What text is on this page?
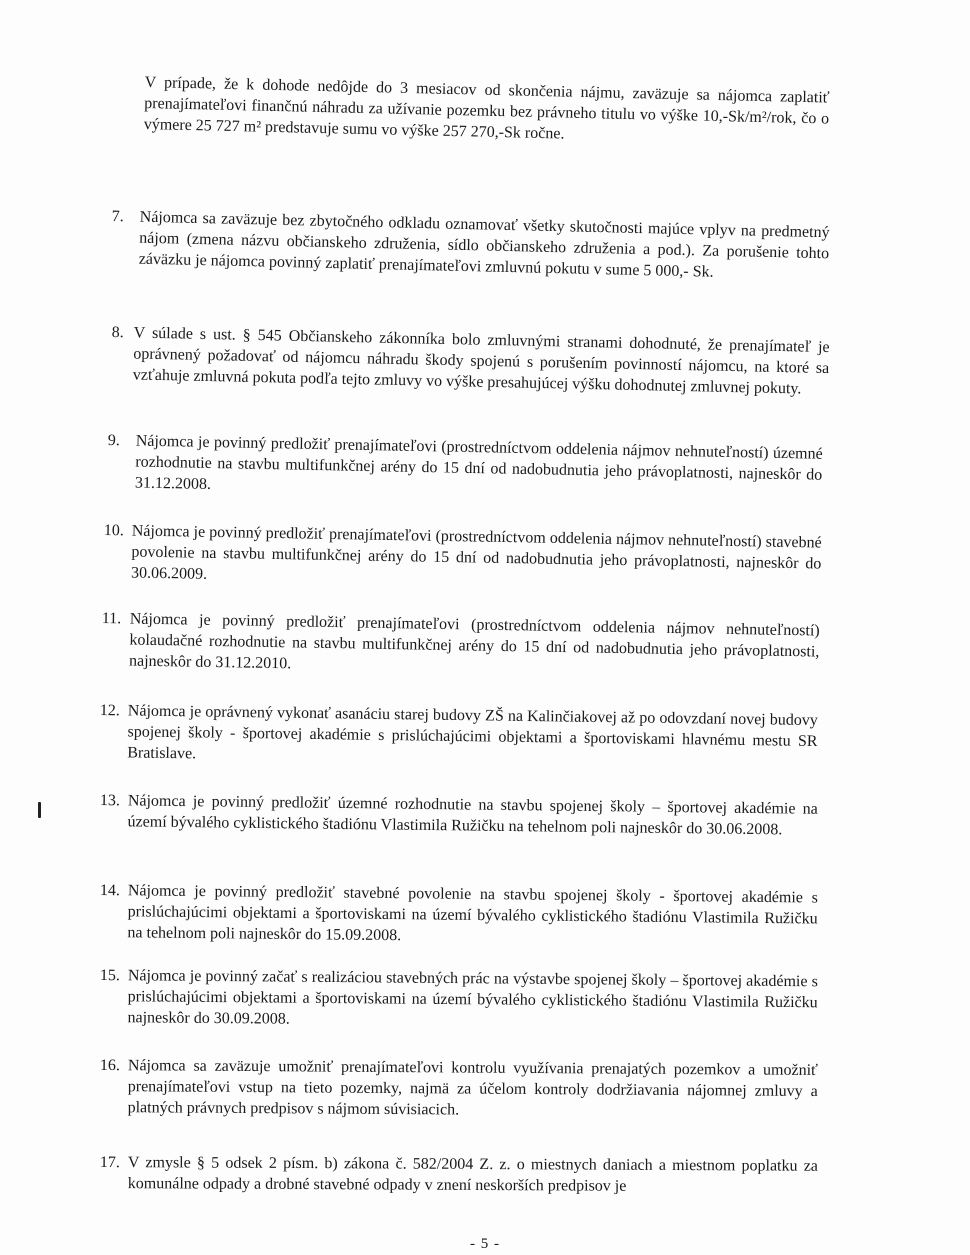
V prípade, že k dohode nedôjde do 3 mesiacov od skončenia nájmu, zaväzuje sa nájomca zaplatiť prenajímateľovi finančnú náhradu za užívanie pozemku bez právneho titulu vo výške 10,-Sk/m²/rok, čo o výmere 25 727 m² predstavuje sumu vo výške 257 270,-Sk ročne.
7. Nájomca sa zaväzuje bez zbytočného odkladu oznamovať všetky skutočnosti majúce vplyv na predmetný nájom (zmena názvu občianskeho združenia, sídlo občianskeho združenia a pod.). Za porušenie tohto záväzku je nájomca povinný zaplatiť prenajímateľovi zmluvnú pokutu v sume 5 000,- Sk.
8. V súlade s ust. § 545 Občianskeho zákonníka bolo zmluvnými stranami dohodnuté, že prenajímateľ je oprávnený požadovať od nájomcu náhradu škody spojenú s porušením povinností nájomcu, na ktoré sa vzťahuje zmluvná pokuta podľa tejto zmluvy vo výške presahujúcej výšku dohodnutej zmluvnej pokuty.
9. Nájomca je povinný predložiť prenajímateľovi (prostredníctvom oddelenia nájmov nehnuteľností) územné rozhodnutie na stavbu multifunkčnej arény do 15 dní od nadobudnutia jeho právoplatnosti, najneskôr do 31.12.2008.
10. Nájomca je povinný predložiť prenajímateľovi (prostredníctvom oddelenia nájmov nehnuteľností) stavebné povolenie na stavbu multifunkčnej arény do 15 dní od nadobudnutia jeho právoplatnosti, najneskôr do 30.06.2009.
11. Nájomca je povinný predložiť prenajímateľovi (prostredníctvom oddelenia nájmov nehnuteľností) kolaudačné rozhodnutie na stavbu multifunkčnej arény do 15 dní od nadobudnutia jeho právoplatnosti, najneskôr do 31.12.2010.
12. Nájomca je oprávnený vykonať asanáciu starej budovy ZŠ na Kalinčiakovej až po odovzdaní novej budovy spojenej školy - športovej akadémie s prislúchajúcimi objektami a športoviskami hlavnému mestu SR Bratislave.
13. Nájomca je povinný predložiť územné rozhodnutie na stavbu spojenej školy – športovej akadémie na území bývalého cyklistického štadiónu Vlastimila Ružičku na tehelnom poli najneskôr do 30.06.2008.
14. Nájomca je povinný predložiť stavebné povolenie na stavbu spojenej školy - športovej akadémie s prislúchajúcimi objektami a športoviskami na území bývalého cyklistického štadiónu Vlastimila Ružičku na tehelnom poli najneskôr do 15.09.2008.
15. Nájomca je povinný začať s realizáciou stavebných prác na výstavbe spojenej školy – športovej akadémie s prislúchajúcimi objektami a športoviskami na území bývalého cyklistického štadiónu Vlastimila Ružičku najneskôr do 30.09.2008.
16. Nájomca sa zaväzuje umožniť prenajímateľovi kontrolu využívania prenajatých pozemkov a umožniť prenajímateľovi vstup na tieto pozemky, najmä za účelom kontroly dodržiavania nájomnej zmluvy a platných právnych predpisov s nájmom súvisiacich.
17. V zmysle § 5 odsek 2 písm. b) zákona č. 582/2004 Z. z. o miestnych daniach a miestnom poplatku za komunálne odpady a drobné stavebné odpady v znení neskorších predpisov je
- 5 -
